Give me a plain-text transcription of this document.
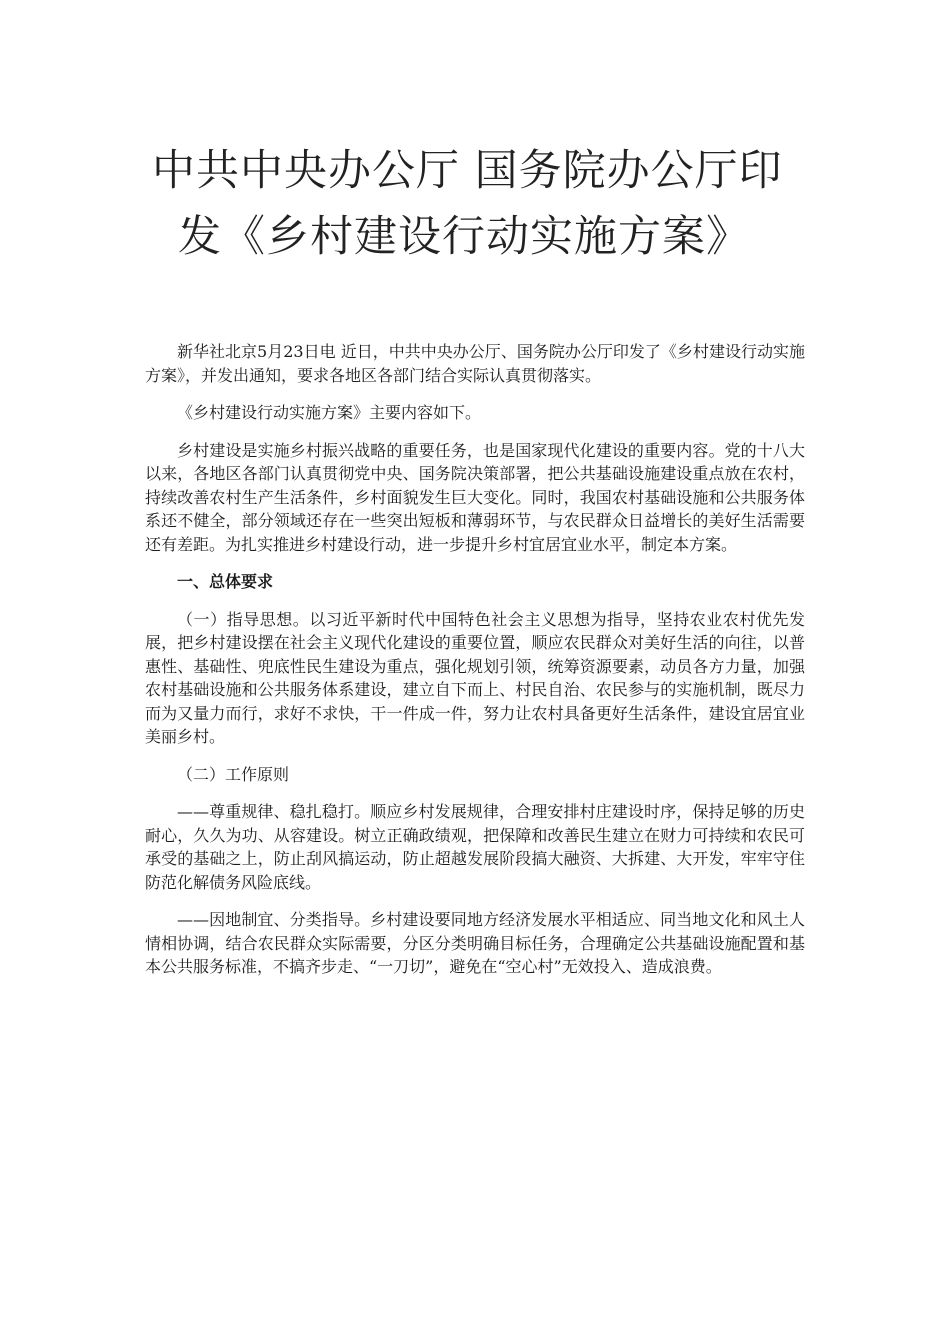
中共中央办公厅 国务院办公厅印
发《乡村建设行动实施方案》

新华社北京5月23日电 近日，中共中央办公厅、国务院办公厅印发了《乡村建设行动实施方案》，并发出通知，要求各地区各部门结合实际认真贯彻落实。

《乡村建设行动实施方案》主要内容如下。

乡村建设是实施乡村振兴战略的重要任务，也是国家现代化建设的重要内容。党的十八大以来，各地区各部门认真贯彻党中央、国务院决策部署，把公共基础设施建设重点放在农村，持续改善农村生产生活条件，乡村面貌发生巨大变化。同时，我国农村基础设施和公共服务体系还不健全，部分领域还存在一些突出短板和薄弱环节，与农民群众日益增长的美好生活需要还有差距。为扎实推进乡村建设行动，进一步提升乡村宜居宜业水平，制定本方案。

一、总体要求

（一）指导思想。以习近平新时代中国特色社会主义思想为指导，坚持农业农村优先发展，把乡村建设摆在社会主义现代化建设的重要位置，顺应农民群众对美好生活的向往，以普惠性、基础性、兜底性民生建设为重点，强化规划引领，统筹资源要素，动员各方力量，加强农村基础设施和公共服务体系建设，建立自下而上、村民自治、农民参与的实施机制，既尽力而为又量力而行，求好不求快，干一件成一件，努力让农村具备更好生活条件，建设宜居宜业美丽乡村。

（二）工作原则

——尊重规律、稳扎稳打。顺应乡村发展规律，合理安排村庄建设时序，保持足够的历史耐心，久久为功、从容建设。树立正确政绩观，把保障和改善民生建立在财力可持续和农民可承受的基础之上，防止刮风搞运动，防止超越发展阶段搞大融资、大拆建、大开发，牢牢守住防范化解债务风险底线。

——因地制宜、分类指导。乡村建设要同地方经济发展水平相适应、同当地文化和风土人情相协调，结合农民群众实际需要，分区分类明确目标任务，合理确定公共基础设施配置和基本公共服务标准，不搞齐步走、“一刀切”，避免在“空心村”无效投入、造成浪费。
